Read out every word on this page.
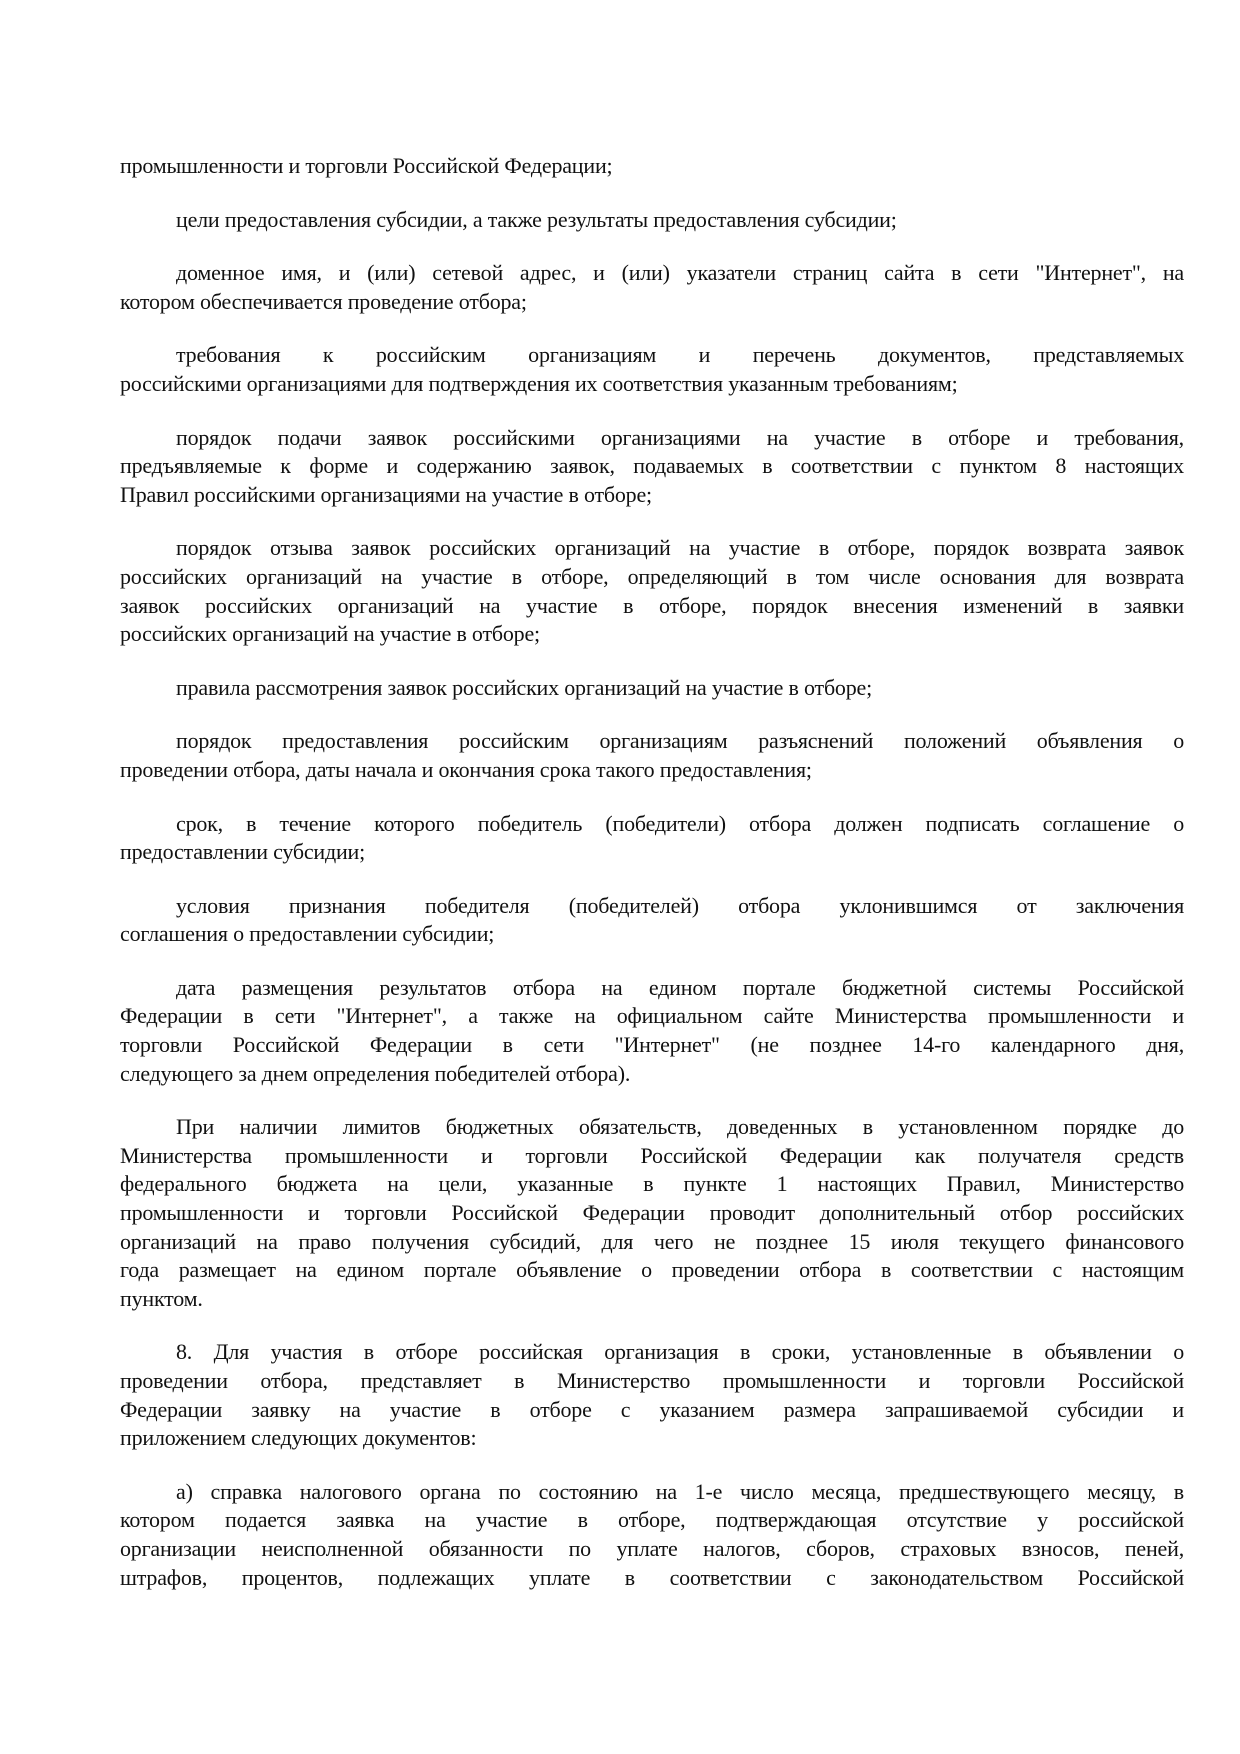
промышленности и торговли Российской Федерации;
цели предоставления субсидии, а также результаты предоставления субсидии;
доменное имя, и (или) сетевой адрес, и (или) указатели страниц сайта в сети "Интернет", на
котором обеспечивается проведение отбора;
требования к российским организациям и перечень документов, представляемых
российскими организациями для подтверждения их соответствия указанным требованиям;
порядок подачи заявок российскими организациями на участие в отборе и требования,
предъявляемые к форме и содержанию заявок, подаваемых в соответствии с пунктом 8 настоящих
Правил российскими организациями на участие в отборе;
порядок отзыва заявок российских организаций на участие в отборе, порядок возврата заявок
российских организаций на участие в отборе, определяющий в том числе основания для возврата
заявок российских организаций на участие в отборе, порядок внесения изменений в заявки
российских организаций на участие в отборе;
правила рассмотрения заявок российских организаций на участие в отборе;
порядок предоставления российским организациям разъяснений положений объявления о
проведении отбора, даты начала и окончания срока такого предоставления;
срок, в течение которого победитель (победители) отбора должен подписать соглашение о
предоставлении субсидии;
условия признания победителя (победителей) отбора уклонившимся от заключения
соглашения о предоставлении субсидии;
дата размещения результатов отбора на едином портале бюджетной системы Российской
Федерации в сети "Интернет", а также на официальном сайте Министерства промышленности и
торговли Российской Федерации в сети "Интернет" (не позднее 14-го календарного дня,
следующего за днем определения победителей отбора).
При наличии лимитов бюджетных обязательств, доведенных в установленном порядке до
Министерства промышленности и торговли Российской Федерации как получателя средств
федерального бюджета на цели, указанные в пункте 1 настоящих Правил, Министерство
промышленности и торговли Российской Федерации проводит дополнительный отбор российских
организаций на право получения субсидий, для чего не позднее 15 июля текущего финансового
года размещает на едином портале объявление о проведении отбора в соответствии с настоящим
пунктом.
8. Для участия в отборе российская организация в сроки, установленные в объявлении о
проведении отбора, представляет в Министерство промышленности и торговли Российской
Федерации заявку на участие в отборе с указанием размера запрашиваемой субсидии и
приложением следующих документов:
а) справка налогового органа по состоянию на 1-е число месяца, предшествующего месяцу, в
котором подается заявка на участие в отборе, подтверждающая отсутствие у российской
организации неисполненной обязанности по уплате налогов, сборов, страховых взносов, пеней,
штрафов, процентов, подлежащих уплате в соответствии с законодательством Российской
